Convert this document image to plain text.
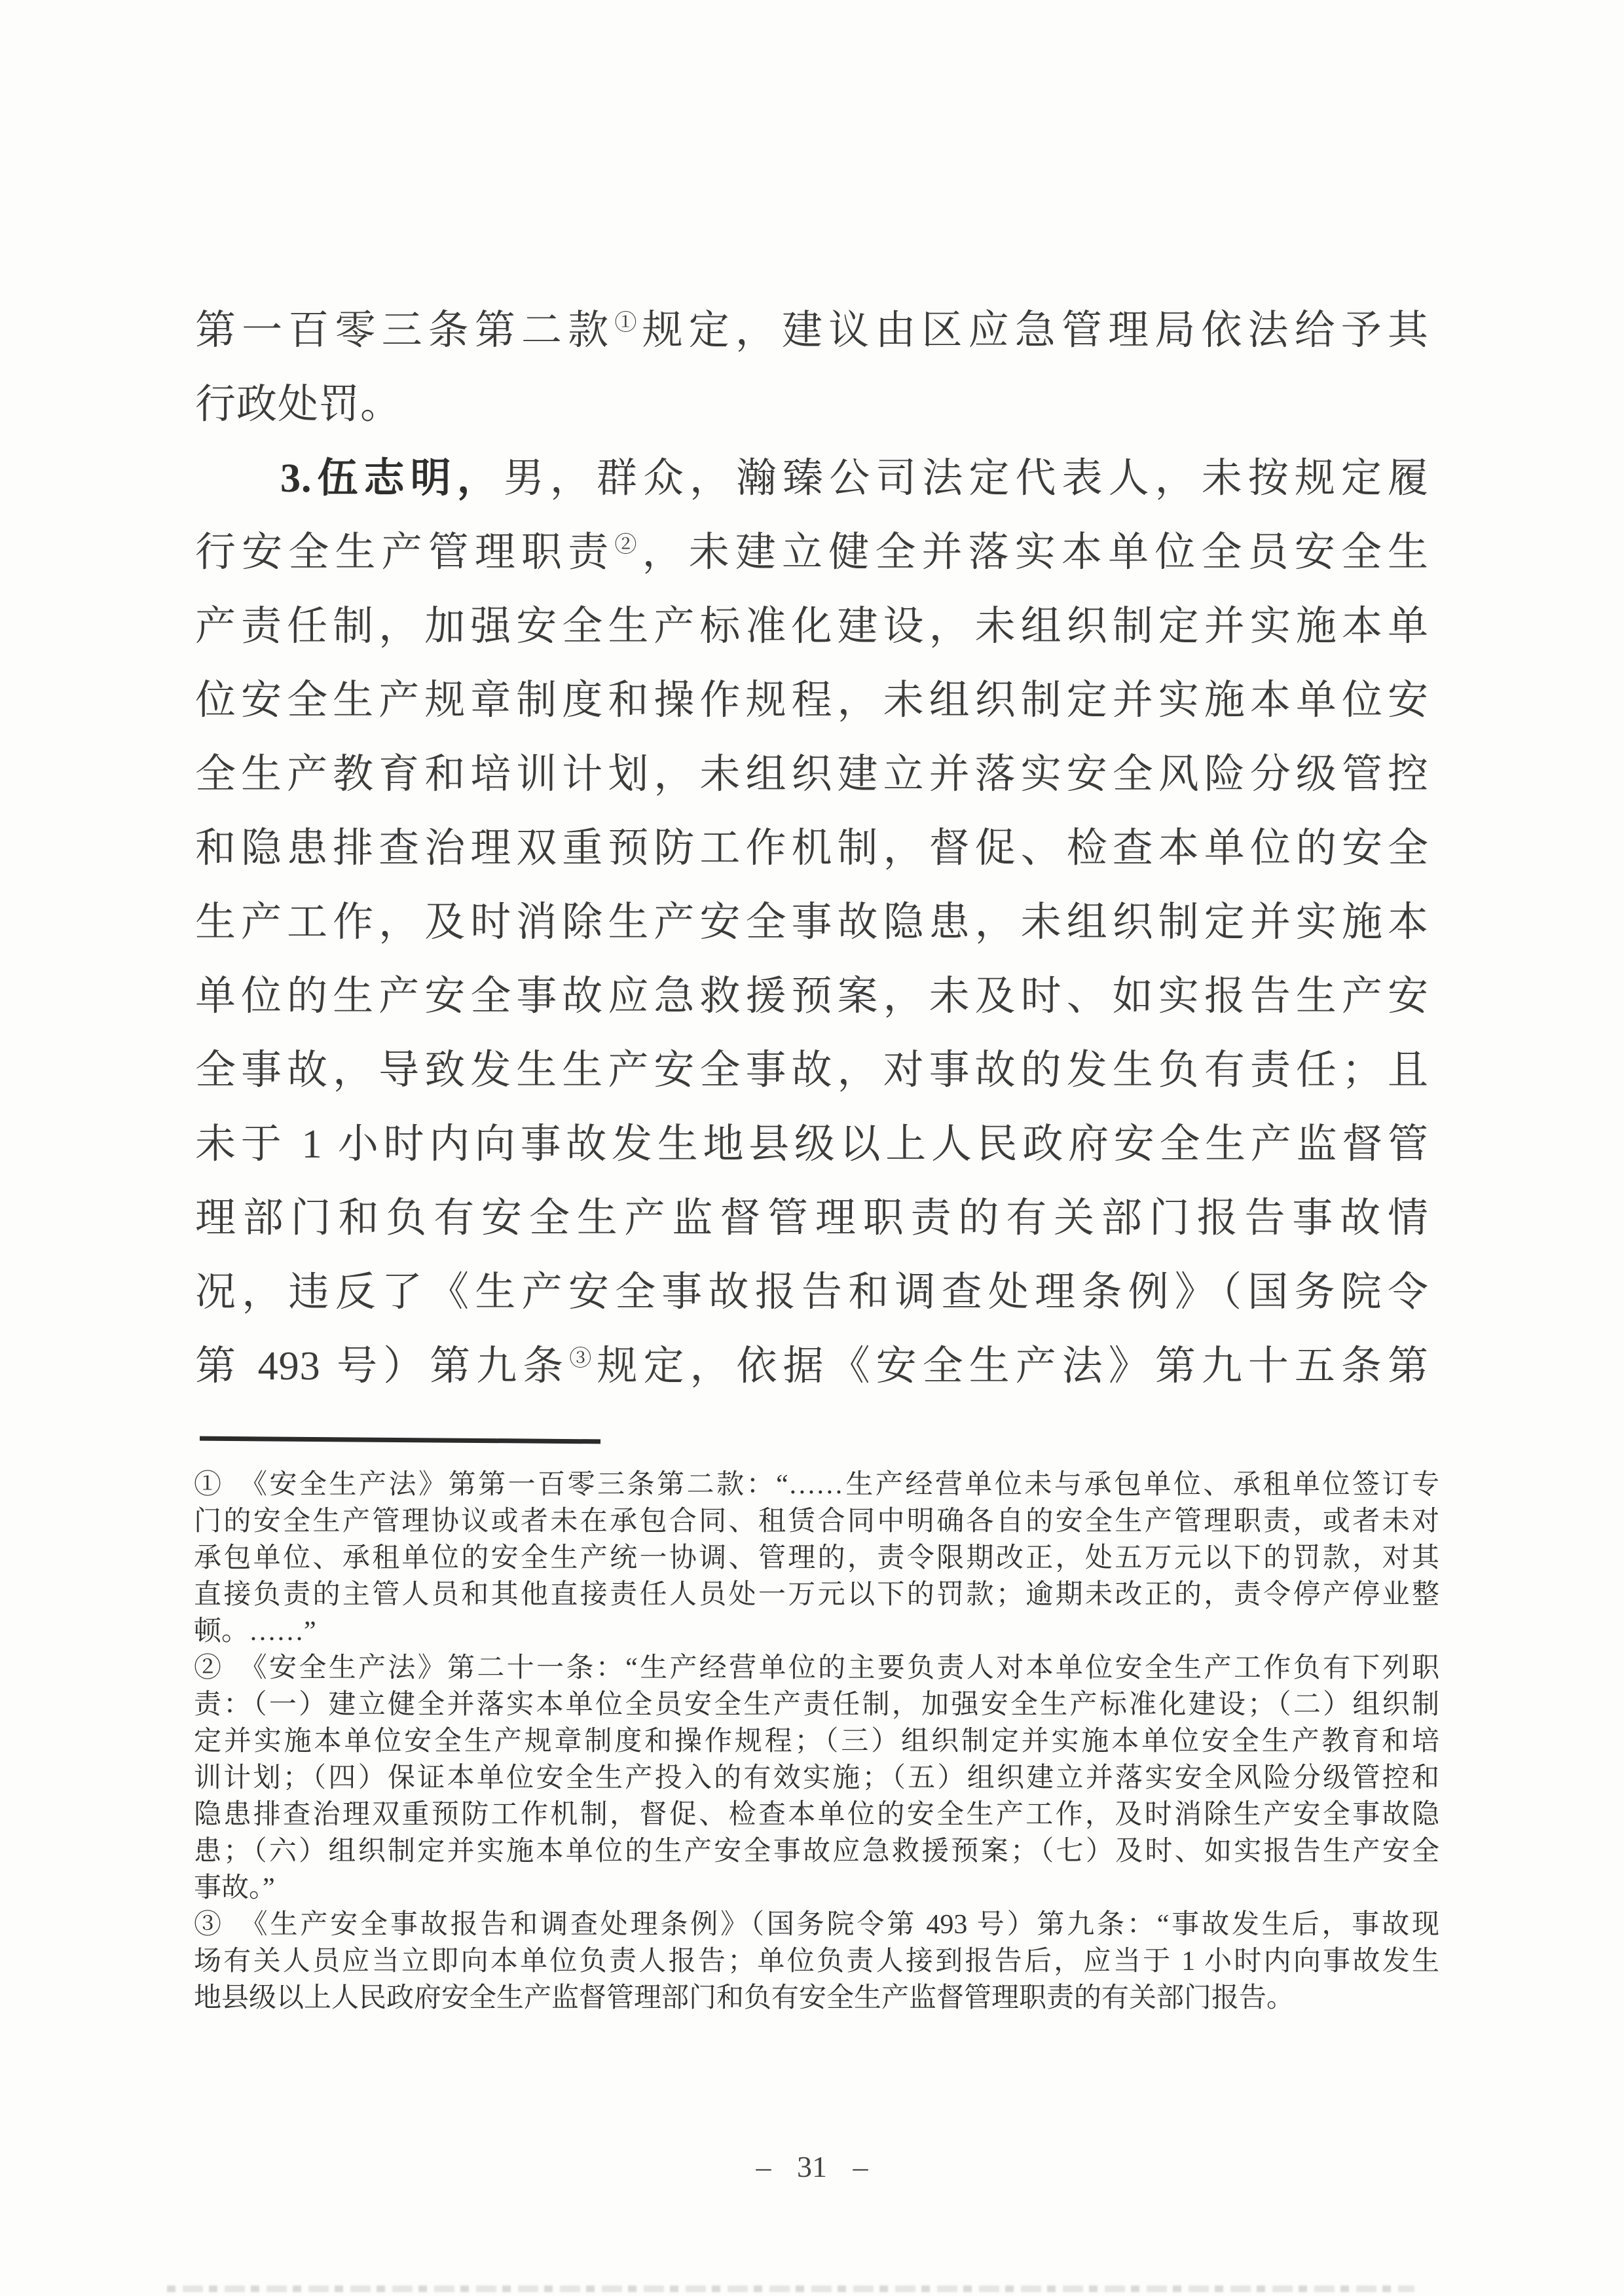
第一百零三条第二款①规定，建议由区应急管理局依法给予其
行政处罚。
3.伍志明，男，群众，瀚臻公司法定代表人，未按规定履
行安全生产管理职责②，未建立健全并落实本单位全员安全生
产责任制，加强安全生产标准化建设，未组织制定并实施本单
位安全生产规章制度和操作规程，未组织制定并实施本单位安
全生产教育和培训计划，未组织建立并落实安全风险分级管控
和隐患排查治理双重预防工作机制，督促、检查本单位的安全
生产工作，及时消除生产安全事故隐患，未组织制定并实施本
单位的生产安全事故应急救援预案，未及时、如实报告生产安
全事故，导致发生生产安全事故，对事故的发生负有责任；且
未于 1 小时内向事故发生地县级以上人民政府安全生产监督管
理部门和负有安全生产监督管理职责的有关部门报告事故情
况，违反了《生产安全事故报告和调查处理条例》（国务院令
第 493 号）第九条③规定，依据《安全生产法》第九十五条第
①　《安全生产法》第第一百零三条第二款：“……生产经营单位未与承包单位、承租单位签订专
门的安全生产管理协议或者未在承包合同、租赁合同中明确各自的安全生产管理职责，或者未对
承包单位、承租单位的安全生产统一协调、管理的，责令限期改正，处五万元以下的罚款，对其
直接负责的主管人员和其他直接责任人员处一万元以下的罚款；逾期未改正的，责令停产停业整
顿。……”
②　《安全生产法》第二十一条：“生产经营单位的主要负责人对本单位安全生产工作负有下列职
责：（一）建立健全并落实本单位全员安全生产责任制，加强安全生产标准化建设；（二）组织制
定并实施本单位安全生产规章制度和操作规程；（三）组织制定并实施本单位安全生产教育和培
训计划；（四）保证本单位安全生产投入的有效实施；（五）组织建立并落实安全风险分级管控和
隐患排查治理双重预防工作机制，督促、检查本单位的安全生产工作，及时消除生产安全事故隐
患；（六）组织制定并实施本单位的生产安全事故应急救援预案；（七）及时、如实报告生产安全
事故。”
③　《生产安全事故报告和调查处理条例》（国务院令第 493 号）第九条：“事故发生后，事故现
场有关人员应当立即向本单位负责人报告；单位负责人接到报告后，应当于 1 小时内向事故发生
地县级以上人民政府安全生产监督管理部门和负有安全生产监督管理职责的有关部门报告。
– 31 –
